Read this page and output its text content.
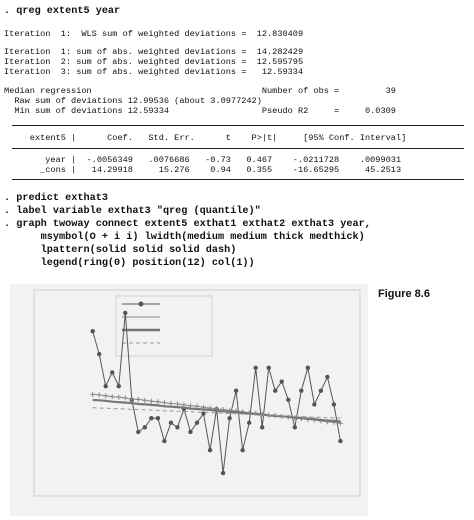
. qreg extent5 year
Iteration  1:  WLS sum of weighted deviations =  12.830409
Iteration  1: sum of abs. weighted deviations =  14.282429
Iteration  2: sum of abs. weighted deviations =  12.595795
Iteration  3: sum of abs. weighted deviations =   12.59334
Median regression                                 Number of obs =         39
Raw sum of deviations 12.99536 (about 3.0977242)
Min sum of deviations 12.59334                  Pseudo R2     =     0.0309
extent5 |      Coef.   Std. Err.      t    P>|t|     [95% Conf. Interval]
year |  -.0056349   .0076686   -0.73   0.467    -.0211728    .0099031
_cons |   14.29918     15.276    0.94   0.355    -16.65295     45.2513
. predict exthat3
. label variable exthat3 "qreg (quantile)"
. graph twoway connect extent5 exthat1 exthat2 exthat3 year,
msymbol(O + i i) lwidth(medium medium thick medthick)
lpattern(solid solid solid dash)
legend(ring(0) position(12) col(1))
Figure 8.6
